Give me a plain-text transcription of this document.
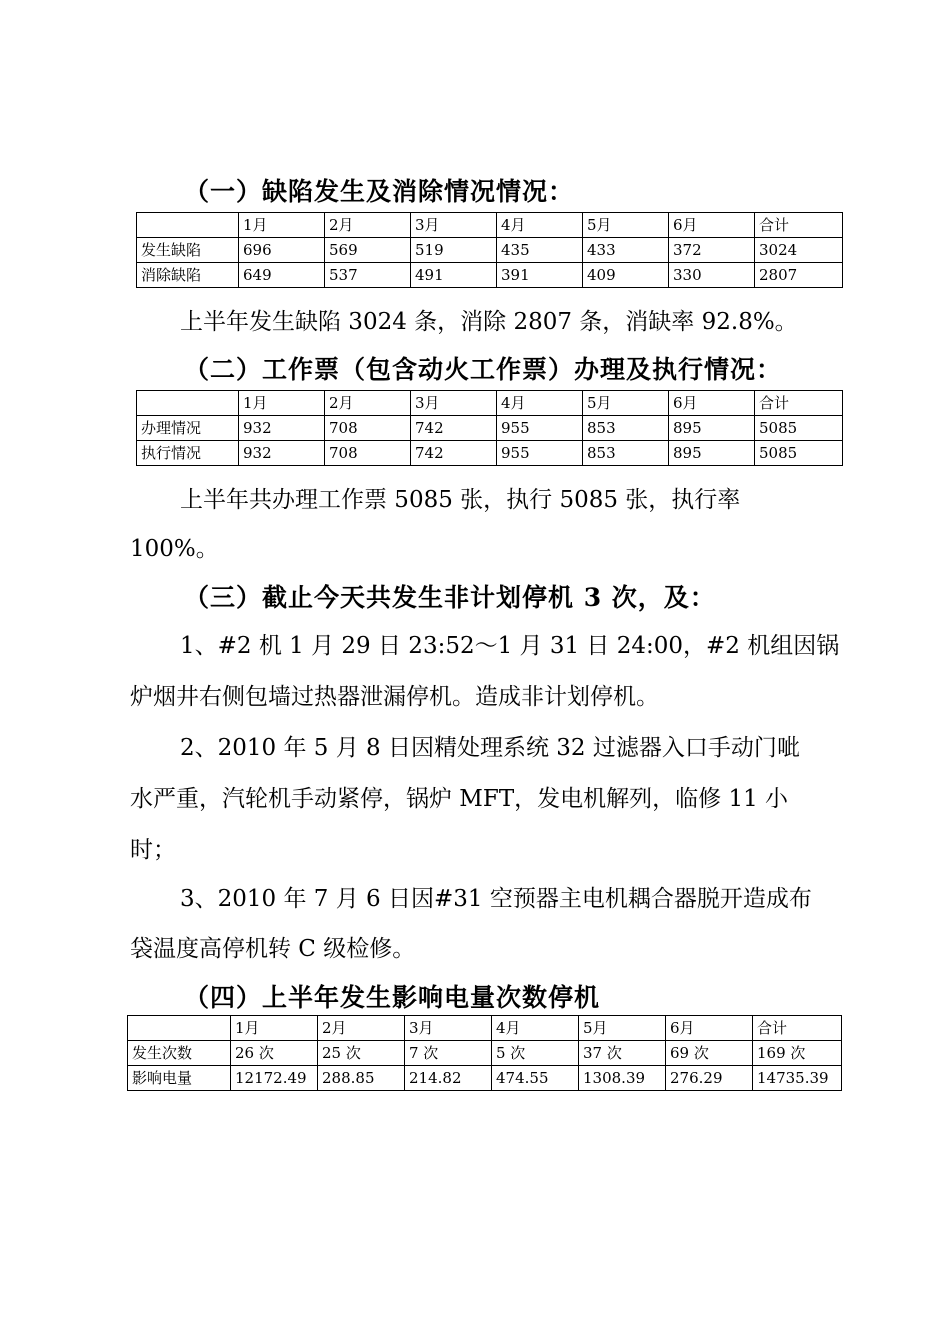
（一）缺陷发生及消除情况情况：
	1月	2月	3月	4月	5月	6月	合计
发生缺陷	696	569	519	435	433	372	3024
消除缺陷	649	537	491	391	409	330	2807
上半年发生缺陷 3024 条，消除 2807 条，消缺率 92.8%。
（二）工作票（包含动火工作票）办理及执行情况：
	1月	2月	3月	4月	5月	6月	合计
办理情况	932	708	742	955	853	895	5085
执行情况	932	708	742	955	853	895	5085
上半年共办理工作票 5085 张，执行 5085 张，执行率
100%。
（三）截止今天共发生非计划停机 3 次，及：
1、#2 机 1 月 29 日 23:52～1 月 31 日 24:00，#2 机组因锅
炉烟井右侧包墙过热器泄漏停机。造成非计划停机。
2、2010 年 5 月 8 日因精处理系统 32 过滤器入口手动门呲
水严重，汽轮机手动紧停，锅炉 MFT，发电机解列，临修 11 小
时；
3、2010 年 7 月 6 日因#31 空预器主电机耦合器脱开造成布
袋温度高停机转 C 级检修。
（四）上半年发生影响电量次数停机
	1月	2月	3月	4月	5月	6月	合计
发生次数	26 次	25 次	7 次	5 次	37 次	69 次	169 次
影响电量	12172.49	288.85	214.82	474.55	1308.39	276.29	14735.39
